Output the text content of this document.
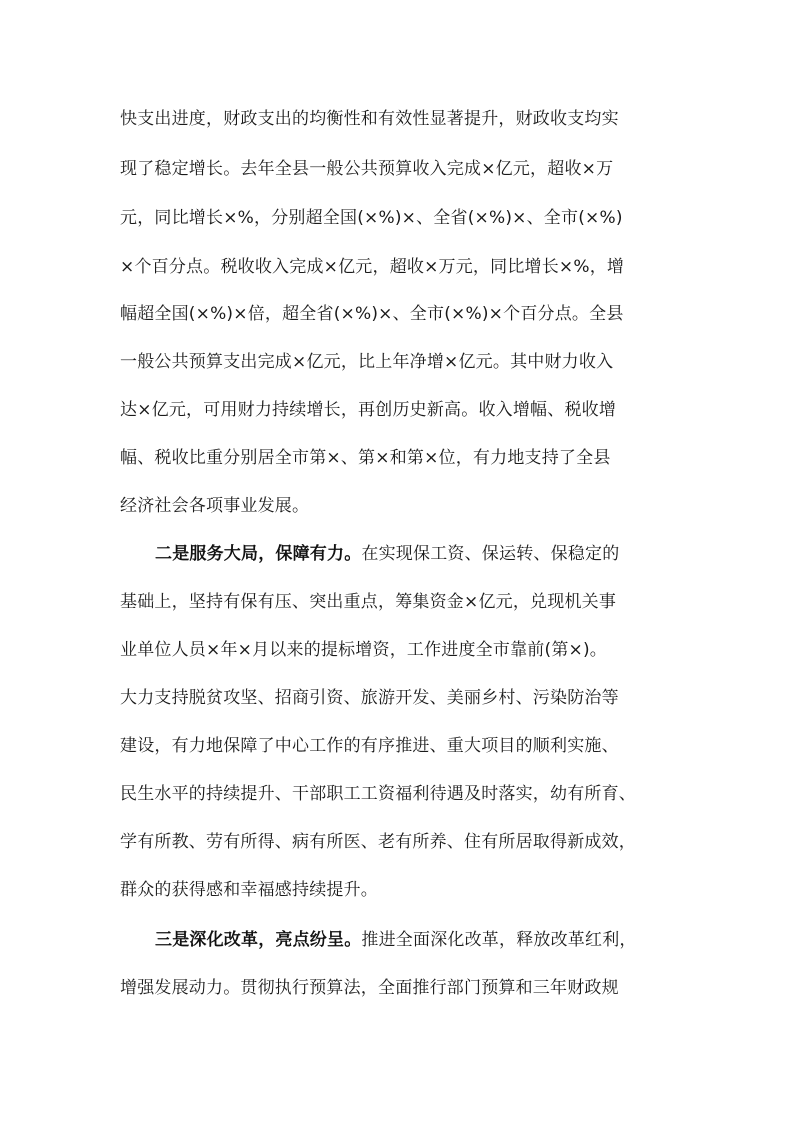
快支出进度，财政支出的均衡性和有效性显著提升，财政收支均实
现了稳定增长。去年全县一般公共预算收入完成×亿元，超收×万
元，同比增长×%，分别超全国(×%)×、全省(×%)×、全市(×%)
×个百分点。税收收入完成×亿元，超收×万元，同比增长×%，增
幅超全国(×%)×倍，超全省(×%)×、全市(×%)×个百分点。全县
一般公共预算支出完成×亿元，比上年净增×亿元。其中财力收入
达×亿元，可用财力持续增长，再创历史新高。收入增幅、税收增
幅、税收比重分别居全市第×、第×和第×位，有力地支持了全县
经济社会各项事业发展。
二是服务大局，保障有力。在实现保工资、保运转、保稳定的
基础上，坚持有保有压、突出重点，筹集资金×亿元，兑现机关事
业单位人员×年×月以来的提标增资，工作进度全市靠前(第×)。
大力支持脱贫攻坚、招商引资、旅游开发、美丽乡村、污染防治等
建设，有力地保障了中心工作的有序推进、重大项目的顺利实施、
民生水平的持续提升、干部职工工资福利待遇及时落实，幼有所育、
学有所教、劳有所得、病有所医、老有所养、住有所居取得新成效，
群众的获得感和幸福感持续提升。
三是深化改革，亮点纷呈。推进全面深化改革，释放改革红利，
增强发展动力。贯彻执行预算法，全面推行部门预算和三年财政规
